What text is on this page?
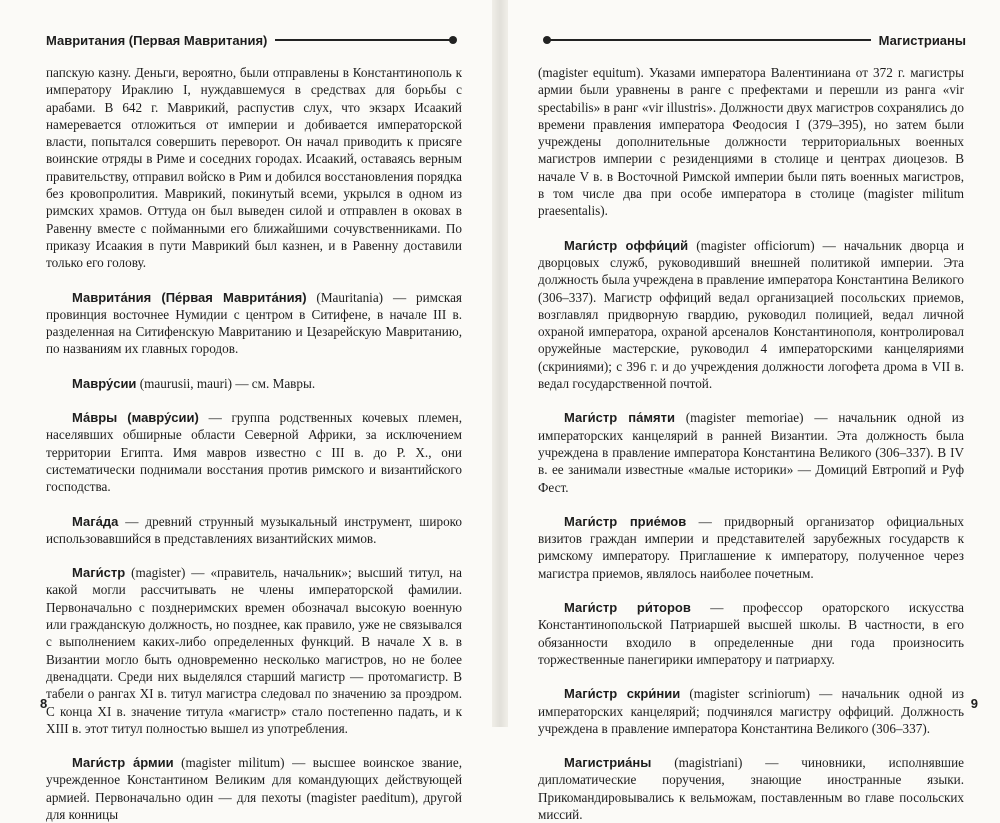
Мавритания (Первая Мавритания)

папскую казну. Деньги, вероятно, были отправлены в Константинополь к императору Ираклию I, нуждавшемуся в средствах для борьбы с арабами. В 642 г. Маврикий, распустив слух, что экзарх Исаакий намеревается отложиться от империи и добивается императорской власти, попытался совершить переворот. Он начал приводить к присяге воинские отряды в Риме и соседних городах. Исаакий, оставаясь верным правительству, отправил войско в Рим и добился восстановления порядка без кровопролития. Маврикий, покинутый всеми, укрылся в одном из римских храмов. Оттуда он был выведен силой и отправлен в оковах в Равенну вместе с пойманными его ближайшими сочувственниками. По приказу Исаакия в пути Маврикий был казнен, и в Равенну доставили только его голову.

Маврита́ния (Пе́рвая Маврита́ния) (Mauritania) — римская провинция восточнее Нумидии с центром в Ситифене, в начале III в. разделенная на Ситифенскую Мавританию и Цезарейскую Мавританию, по названиям их главных городов.

Мавру́сии (maurusii, mauri) — см. Мавры.

Ма́вры (мавру́сии) — группа родственных кочевых племен, населявших обширные области Северной Африки, за исключением территории Египта. Имя мавров известно с III в. до Р. Х., они систематически поднимали восстания против римского и византийского господства.

Мага́да — древний струнный музыкальный инструмент, широко использовавшийся в представлениях византийских мимов.

Маги́стр (magister) — «правитель, начальник»; высший титул, на какой могли рассчитывать не члены императорской фамилии. Первоначально с позднеримских времен обозначал высокую военную или гражданскую должность, но позднее, как правило, уже не связывался с выполнением каких-либо определенных функций. В начале X в. в Византии могло быть одновременно несколько магистров, но не более двенадцати. Среди них выделялся старший магистр — протомагистр. В табели о рангах XI в. титул магистра следовал по значению за проэдром. С конца XI в. значение титула «магистр» стало постепенно падать, и к XIII в. этот титул полностью вышел из употребления.

Маги́стр а́рмии (magister militum) — высшее воинское звание, учрежденное Константином Великим для командующих действующей армией. Первоначально один — для пехоты (magister paeditum), другой для конницы

8
Магистрианы

(magister equitum). Указами императора Валентиниана от 372 г. магистры армии были уравнены в ранге с префектами и перешли из ранга «vir spectabilis» в ранг «vir illustris». Должности двух магистров сохранялись до времени правления императора Феодосия I (379–395), но затем были учреждены дополнительные должности территориальных военных магистров империи с резиденциями в столице и центрах диоцезов. В начале V в. в Восточной Римской империи были пять военных магистров, в том числе два при особе императора в столице (magister militum praesentalis).

Маги́стр оффи́ций (magister officiorum) — начальник дворца и дворцовых служб, руководивший внешней политикой империи. Эта должность была учреждена в правление императора Константина Великого (306–337). Магистр оффиций ведал организацией посольских приемов, возглавлял придворную гвардию, руководил полицией, ведал личной охраной императора, охраной арсеналов Константинополя, контролировал оружейные мастерские, руководил 4 императорскими канцеляриями (скриниями); с 396 г. и до учреждения должности логофета дрома в VII в. ведал государственной почтой.

Маги́стр па́мяти (magister memoriae) — начальник одной из императорских канцелярий в ранней Византии. Эта должность была учреждена в правление императора Константина Великого (306–337). В IV в. ее занимали известные «малые историки» — Домиций Евтропий и Руф Фест.

Маги́стр прие́мов — придворный организатор официальных визитов граждан империи и представителей зарубежных государств к римскому императору. Приглашение к императору, полученное через магистра приемов, являлось наиболее почетным.

Маги́стр ри́торов — профессор ораторского искусства Константинопольской Патриаршей высшей школы. В частности, в его обязанности входило в определенные дни года произносить торжественные панегирики императору и патриарху.

Маги́стр скри́нии (magister scriniorum) — начальник одной из императорских канцелярий; подчинялся магистру оффиций. Должность учреждена в правление императора Константина Великого (306–337).

Магистриа́ны (magistriani) — чиновники, исполнявшие дипломатические поручения, знающие иностранные языки. Прикомандировывались к вельможам, поставленным во главе посольских миссий.

9
